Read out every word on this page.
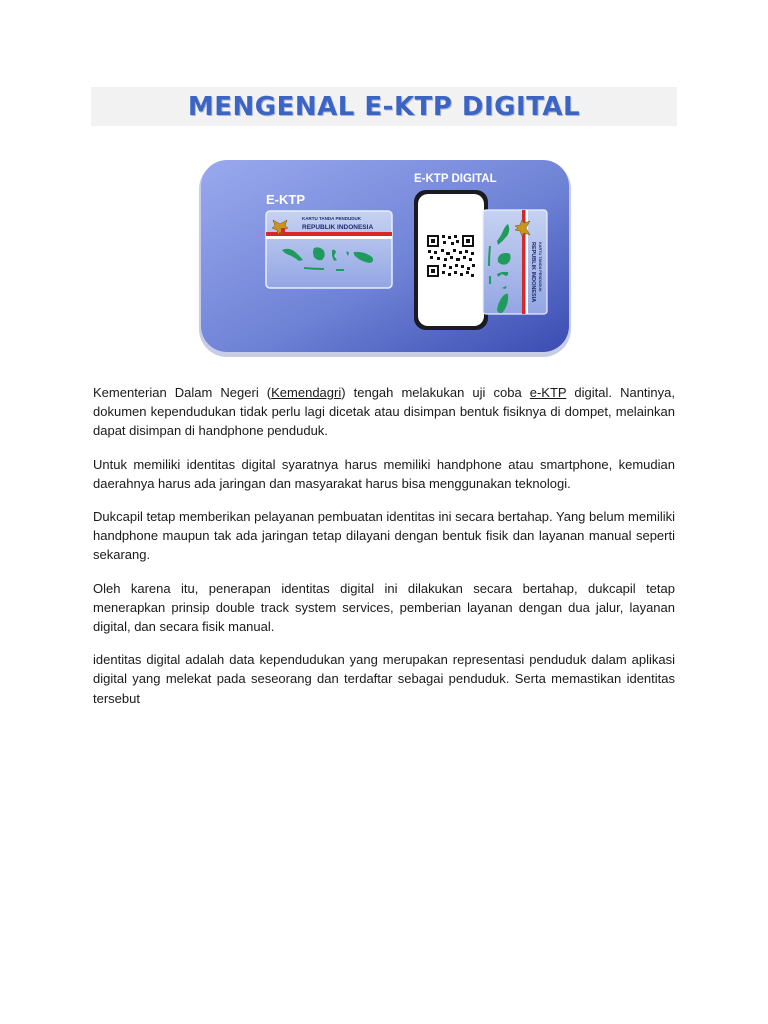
MENGENAL E-KTP DIGITAL
E-KTP
KARTU TANDA PENDUDUK
REPUBLIK INDONESIA
E-KTP DIGITAL
KARTU TANDA PENDUDUK
REPUBLIK INDONESIA

Kementerian Dalam Negeri (Kemendagri) tengah melakukan uji coba e-KTP digital. Nantinya, dokumen kependudukan tidak perlu lagi dicetak atau disimpan bentuk fisiknya di dompet, melainkan dapat disimpan di handphone penduduk.

Untuk memiliki identitas digital syaratnya harus memiliki handphone atau smartphone, kemudian daerahnya harus ada jaringan dan masyarakat harus bisa menggunakan teknologi.

Dukcapil tetap memberikan pelayanan pembuatan identitas ini secara bertahap. Yang belum memiliki handphone maupun tak ada jaringan tetap dilayani dengan bentuk fisik dan layanan manual seperti sekarang.

Oleh karena itu, penerapan identitas digital ini dilakukan secara bertahap, dukcapil tetap menerapkan prinsip double track system services, pemberian layanan dengan dua jalur, layanan digital, dan secara fisik manual.

identitas digital adalah data kependudukan yang merupakan representasi penduduk dalam aplikasi digital yang melekat pada seseorang dan terdaftar sebagai penduduk. Serta memastikan identitas tersebut
